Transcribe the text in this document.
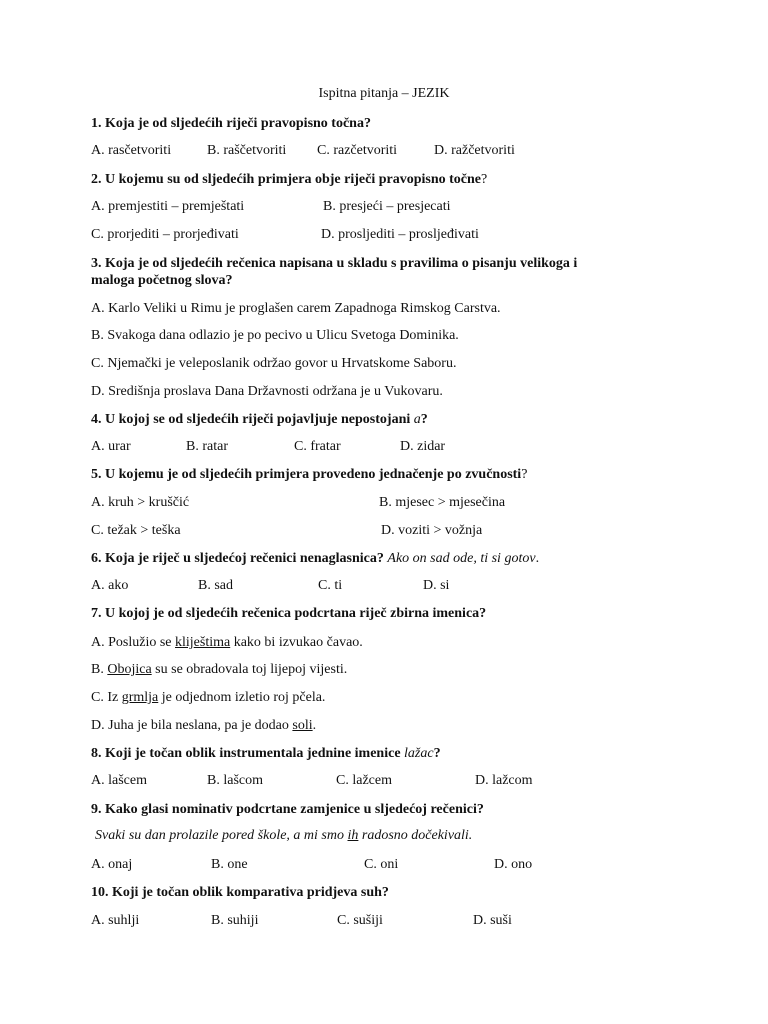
Ispitna pitanja – JEZIK
1. Koja je od sljedećih riječi pravopisno točna?
A. rasčetvoriti	B. raščetvoriti C. razčetvoriti	D. ražčetvoriti
2. U kojemu su od sljedećih primjera obje riječi pravopisno točne?
A. premjestiti – premještati	B. presjeći – presjecati
C. prorjediti – prorjeđivati	D. prosljediti – prosljeđivati
3. Koja je od sljedećih rečenica napisana u skladu s pravilima o pisanju velikoga i
maloga početnog slova?
A. Karlo Veliki u Rimu je proglašen carem Zapadnoga Rimskog Carstva.
B. Svakoga dana odlazio je po pecivo u Ulicu Svetoga Dominika.
C. Njemački je veleposlanik održao govor u Hrvatskome Saboru.
D. Središnja proslava Dana Državnosti održana je u Vukovaru.
4. U kojoj se od sljedećih riječi pojavljuje nepostojani a?
A. urar	B. ratar	C. fratar	D. zidar
5. U kojemu je od sljedećih primjera provedeno jednačenje po zvučnosti?
A. kruh > kruščić	B. mjesec > mjesečina
C. težak > teška	D. voziti > vožnja
6. Koja je riječ u sljedećoj rečenici nenaglasnica? Ako on sad ode, ti si gotov.
A. ako	B. sad	C. ti	D. si
7. U kojoj je od sljedećih rečenica podcrtana riječ zbirna imenica?
A. Poslužio se kliještima kako bi izvukao čavao.
B. Obojica su se obradovala toj lijepoj vijesti.
C. Iz grmlja je odjednom izletio roj pčela.
D. Juha je bila neslana, pa je dodao soli.
8. Koji je točan oblik instrumentala jednine imenice lažac?
A. lašcem	B. lašcom	C. lažcem	D. lažcom
9. Kako glasi nominativ podcrtane zamjenice u sljedećoj rečenici?
Svaki su dan prolazile pored škole, a mi smo ih radosno dočekivali.
A. onaj	B. one	C. oni	D. ono
10. Koji je točan oblik komparativa pridjeva suh?
A. suhlji	B. suhiji	C. sušiji	D. suši
